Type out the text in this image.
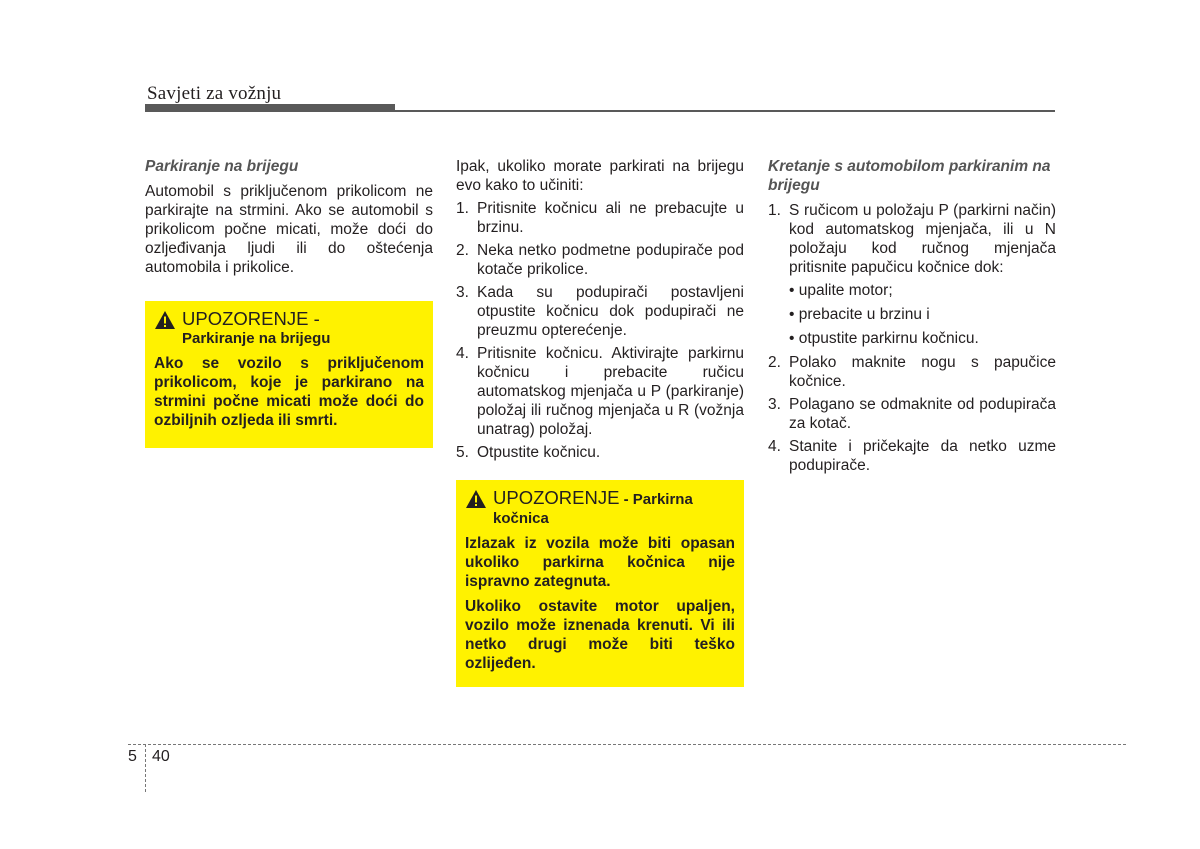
Savjeti za vožnju

Parkiranje na brijegu

Automobil s priključenom prikolicom ne parkirajte na strmini. Ako se automobil s prikolicom počne micati, može doći do ozljeđivanja ljudi ili do oštećenja automobila i prikolice.

UPOZORENJE -
Parkiranje na brijegu

Ako se vozilo s priključenom prikolicom, koje je parkirano na strmini počne micati može doći do ozbiljnih ozljeda ili smrti.

Ipak, ukoliko morate parkirati na brijegu evo kako to učiniti:

1. Pritisnite kočnicu ali ne prebacujte u brzinu.
2. Neka netko podmetne podupirače pod kotače prikolice.
3. Kada su podupirači postavljeni otpustite kočnicu dok podupirači ne preuzmu opterećenje.
4. Pritisnite kočnicu. Aktivirajte parkirnu kočnicu i prebacite ručicu automatskog mjenjača u P (parkiranje) položaj ili ručnog mjenjača u R (vožnja unatrag) položaj.
5. Otpustite kočnicu.
UPOZORENJE - Parkirna
kočnica

Izlazak iz vozila može biti opasan ukoliko parkirna kočnica nije ispravno zategnuta.

Ukoliko ostavite motor upaljen, vozilo može iznenada krenuti. Vi ili netko drugi može biti teško ozlijeđen.

Kretanje s automobilom parkiranim na brijegu

1. S ručicom u položaju P (parkirni način) kod automatskog mjenjača, ili u N položaju kod ručnog mjenjača pritisnite papučicu kočnice dok:
• upalite motor;
• prebacite u brzinu i
• otpustite parkirnu kočnicu.
2. Polako maknite nogu s papučice kočnice.
3. Polagano se odmaknite od podupirača za kotač.
4. Stanite i pričekajte da netko uzme podupirače.
5 40
